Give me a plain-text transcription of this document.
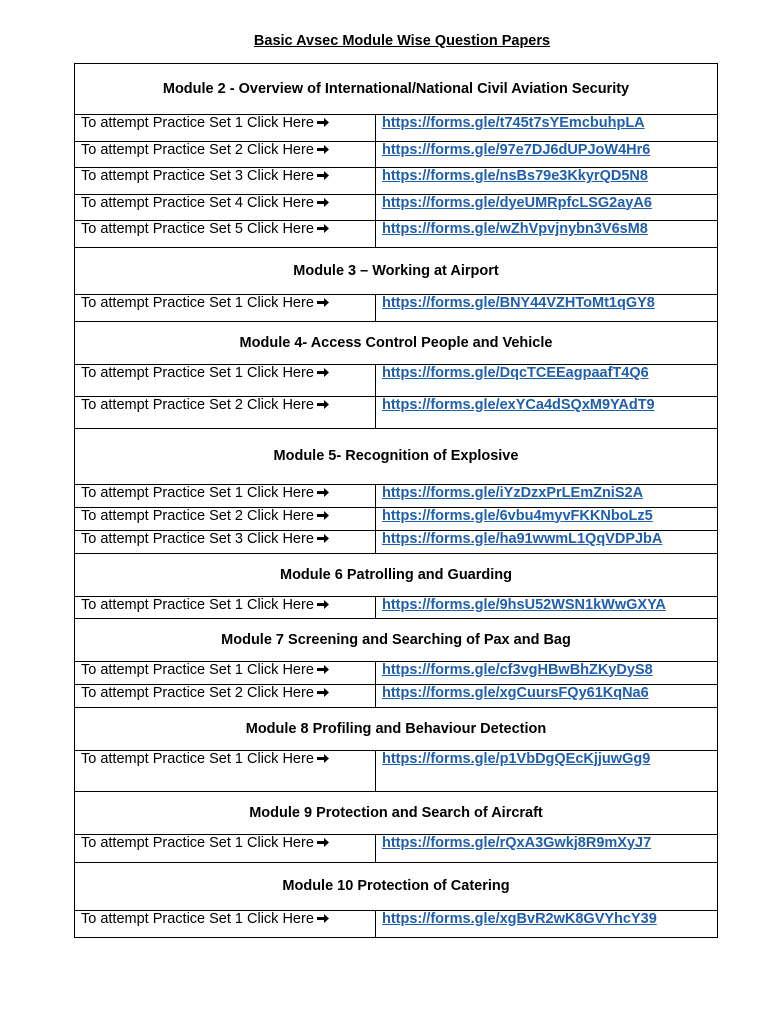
Basic Avsec Module Wise Question Papers
Module 2 - Overview of International/National Civil Aviation Security
To attempt Practice Set 1 Click Here	https://forms.gle/t745t7sYEmcbuhpLA
To attempt Practice Set 2 Click Here	https://forms.gle/97e7DJ6dUPJoW4Hr6
To attempt Practice Set 3 Click Here	https://forms.gle/nsBs79e3KkyrQD5N8
To attempt Practice Set 4 Click Here	https://forms.gle/dyeUMRpfcLSG2ayA6
To attempt Practice Set 5 Click Here	https://forms.gle/wZhVpvjnybn3V6sM8
Module 3 – Working at Airport
To attempt Practice Set 1 Click Here	https://forms.gle/BNY44VZHToMt1qGY8
Module 4- Access Control People and Vehicle
To attempt Practice Set 1 Click Here	https://forms.gle/DqcTCEEagpaafT4Q6
To attempt Practice Set 2 Click Here	https://forms.gle/exYCa4dSQxM9YAdT9
Module 5- Recognition of Explosive
To attempt Practice Set 1 Click Here	https://forms.gle/iYzDzxPrLEmZniS2A
To attempt Practice Set 2 Click Here	https://forms.gle/6vbu4myvFKKNboLz5
To attempt Practice Set 3 Click Here	https://forms.gle/ha91wwmL1QqVDPJbA
Module 6 Patrolling and Guarding
To attempt Practice Set 1 Click Here	https://forms.gle/9hsU52WSN1kWwGXYA
Module 7 Screening and Searching of Pax and Bag
To attempt Practice Set 1 Click Here	https://forms.gle/cf3vgHBwBhZKyDyS8
To attempt Practice Set 2 Click Here	https://forms.gle/xgCuursFQy61KqNa6
Module 8 Profiling and Behaviour Detection
To attempt Practice Set 1 Click Here	https://forms.gle/p1VbDgQEcKjjuwGg9
Module 9 Protection and Search of Aircraft
To attempt Practice Set 1 Click Here	https://forms.gle/rQxA3Gwkj8R9mXyJ7
Module 10 Protection of Catering
To attempt Practice Set 1 Click Here	https://forms.gle/xgBvR2wK8GVYhcY39
